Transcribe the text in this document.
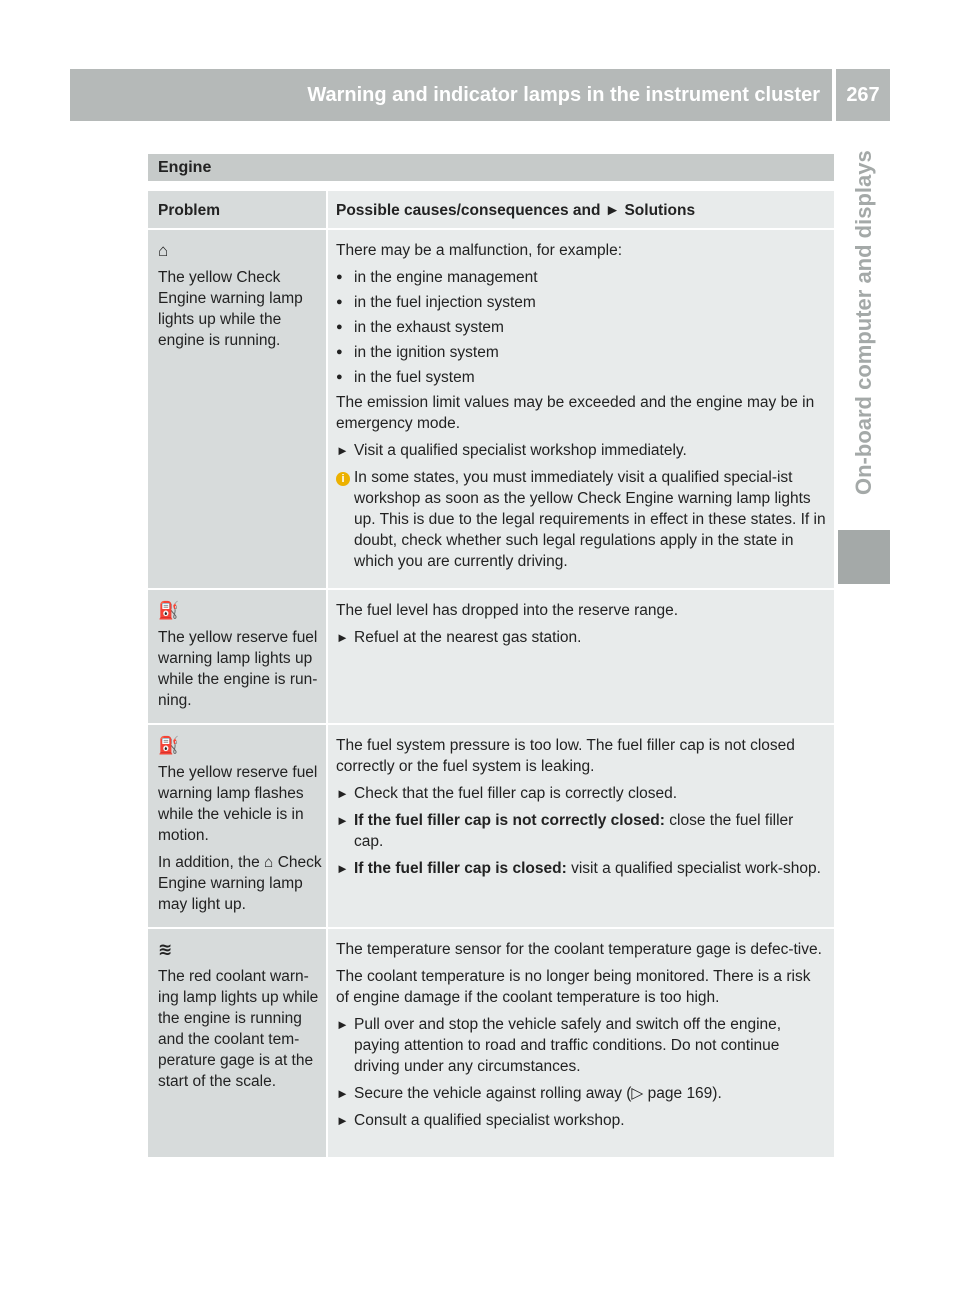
Warning and indicator lamps in the instrument cluster	267
On-board computer and displays
Engine
Problem	Possible causes/consequences and ► Solutions
⌂
The yellow Check Engine warning lamp lights up while the engine is running.

There may be a malfunction, for example:

● in the engine management
● in the fuel injection system
● in the exhaust system
● in the ignition system
● in the fuel system

The emission limit values may be exceeded and the engine may be in emergency mode.

► Visit a qualified specialist workshop immediately.
i In some states, you must immediately visit a qualified special-ist workshop as soon as the yellow Check Engine warning lamp lights up. This is due to the legal requirements in effect in these states. If in doubt, check whether such legal regulations apply in the state in which you are currently driving.
⛽
The yellow reserve fuel warning lamp lights up while the engine is run-ning.

The fuel level has dropped into the reserve range.

► Refuel at the nearest gas station.
⛽

The yellow reserve fuel warning lamp flashes while the vehicle is in motion.

In addition, the ⌂ Check Engine warning lamp may light up.

The fuel system pressure is too low. The fuel filler cap is not closed correctly or the fuel system is leaking.

► Check that the fuel filler cap is correctly closed.
► If the fuel filler cap is not correctly closed: close the fuel filler cap.
► If the fuel filler cap is closed: visit a qualified specialist work-shop.
≋
The red coolant warn-ing lamp lights up while the engine is running and the coolant tem-perature gage is at the start of the scale.

The temperature sensor for the coolant temperature gage is defec-tive.

The coolant temperature is no longer being monitored. There is a risk of engine damage if the coolant temperature is too high.

► Pull over and stop the vehicle safely and switch off the engine, paying attention to road and traffic conditions. Do not continue driving under any circumstances.
► Secure the vehicle against rolling away (▷ page 169).
► Consult a qualified specialist workshop.
